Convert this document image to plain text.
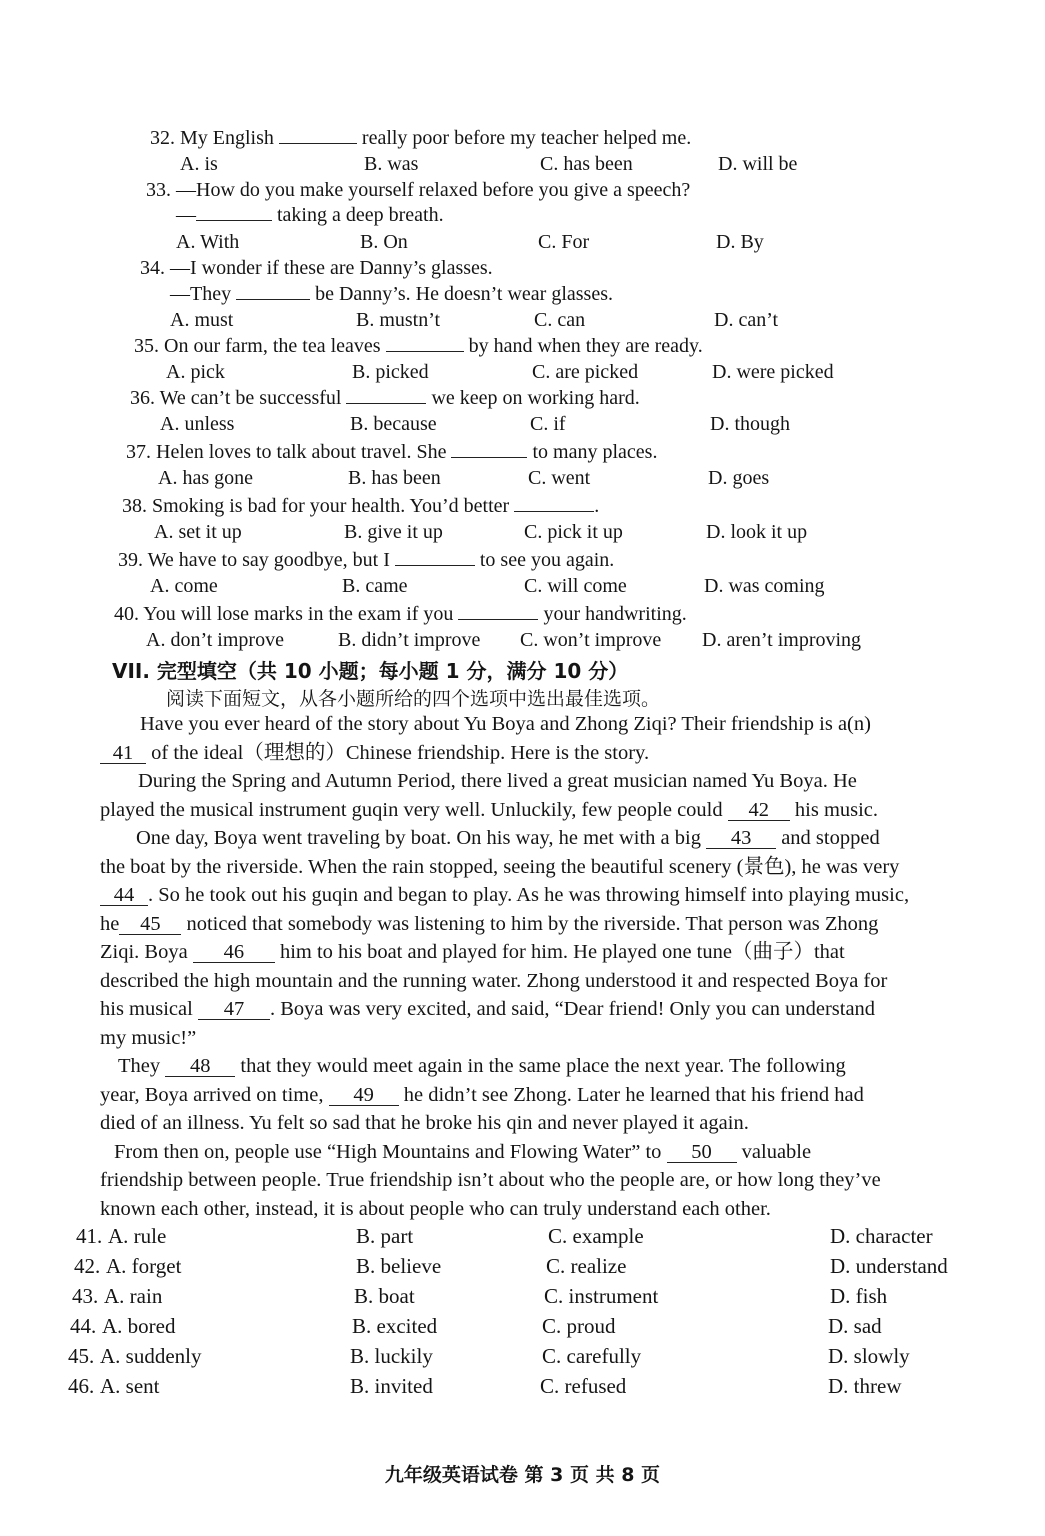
32. My English	really poor before my teacher helped me.
A. is	B. was	C. has been	D. will be
33. —How do you make yourself relaxed before you give a speech?
—	taking a deep breath.
A. With	B. On	C. For	D. By
34. —I wonder if these are Danny’s glasses.
—They	be Danny’s. He doesn’t wear glasses.
A. must	B. mustn’t	C. can	D. can’t
35. On our farm, the tea leaves	by hand when they are ready.
A. pick	B. picked	C. are picked	D. were picked
36. We can’t be successful	we keep on working hard.
A. unless	B. because	C. if	D. though
37. Helen loves to talk about travel. She	to many places.
A. has gone	B. has been	C. went	D. goes
38. Smoking is bad for your health. You’d better	.
A. set it up	B. give it up	C. pick it up	D. look it up
39. We have to say goodbye, but I	to see you again.
A. come	B. came	C. will come	D. was coming
40. You will lose marks in the exam if you	your handwriting.
A. don’t improve	B. didn’t improve C. won’t improve D. aren’t improving
VII. 完型填空（共 10 小题；每小题 1 分，满分 10 分）
阅读下面短文，从各小题所给的四个选项中选出最佳选项。
Have you ever heard of the story about Yu Boya and Zhong Ziqi? Their friendship is a(n)
41 of the ideal（理想的）Chinese friendship. Here is the story.
During the Spring and Autumn Period, there lived a great musician named Yu Boya. He
played the musical instrument guqin very well. Unluckily, few people could 42 his music.
One day, Boya went traveling by boat. On his way, he met with a big 43 and stopped
the boat by the riverside. When the rain stopped, seeing the beautiful scenery (景色), he was very
44 . So he took out his guqin and began to play. As he was throwing himself into playing music,
he 45 noticed that somebody was listening to him by the riverside. That person was Zhong
Ziqi. Boya 46 him to his boat and played for him. He played one tune（曲子）that
described the high mountain and the running water. Zhong understood it and respected Boya for
his musical 47 . Boya was very excited, and said, “Dear friend! Only you can understand
my music!”
They 48 that they would meet again in the same place the next year. The following
year, Boya arrived on time, 49 he didn’t see Zhong. Later he learned that his friend had
died of an illness. Yu felt so sad that he broke his qin and never played it again.
From then on, people use “High Mountains and Flowing Water” to 50 valuable
friendship between people. True friendship isn’t about who the people are, or how long they’ve
known each other, instead, it is about people who can truly understand each other.
41. A. rule	B. part	C. example	D. character
42. A. forget	B. believe	C. realize	D. understand
43. A. rain	B. boat	C. instrument	D. fish
44. A. bored	B. excited	C. proud	D. sad
45. A. suddenly	B. luckily	C. carefully	D. slowly
46. A. sent	B. invited	C. refused	D. threw
九年级英语试卷 第 3 页 共 8 页
